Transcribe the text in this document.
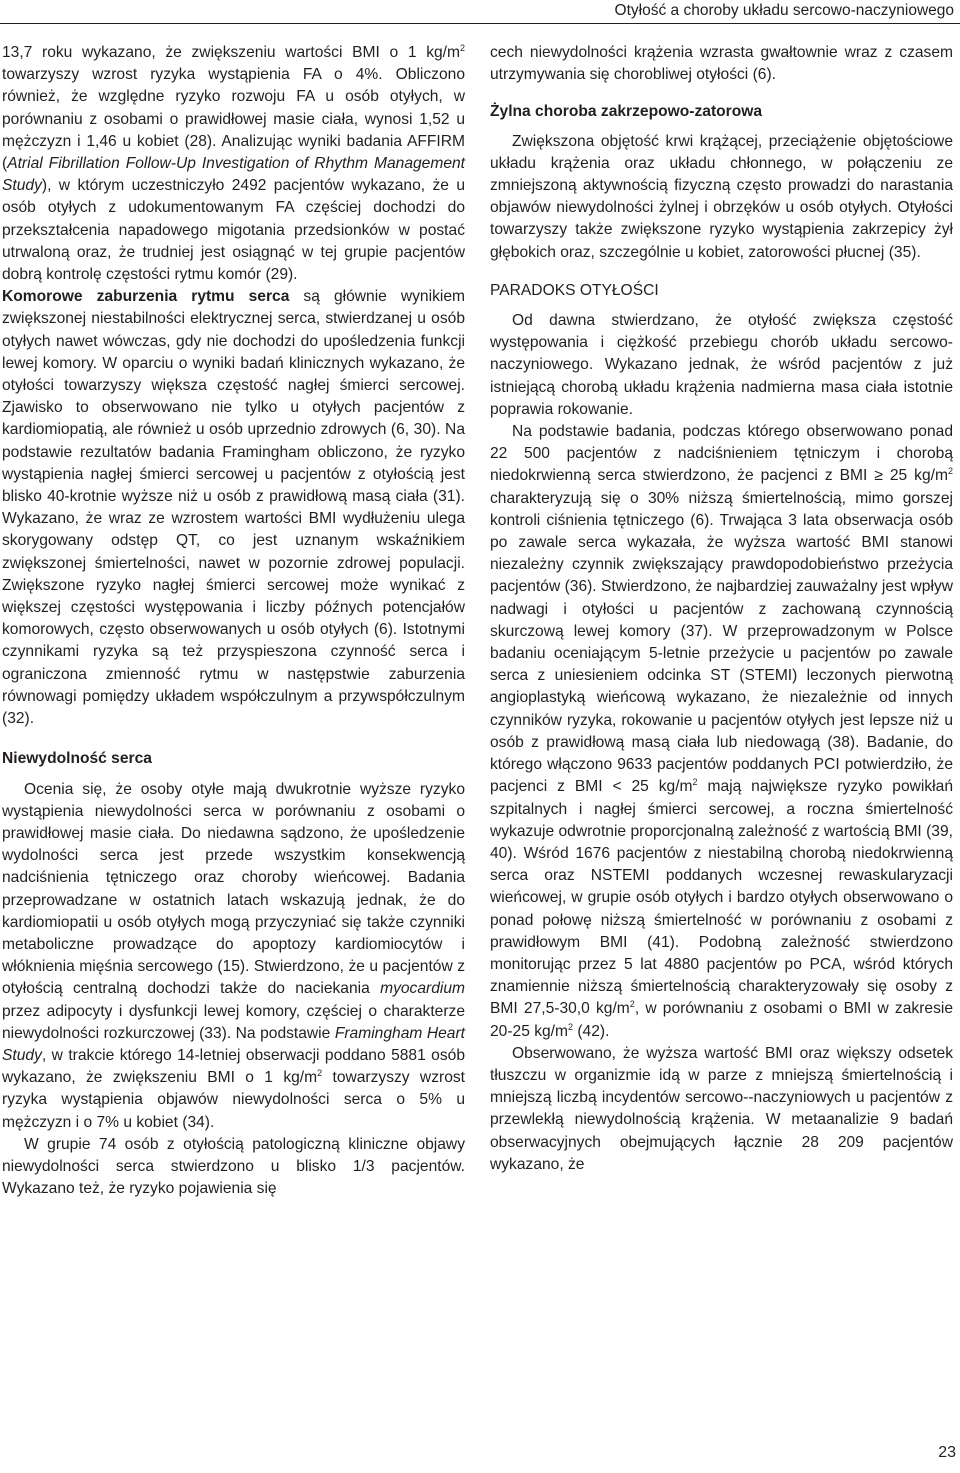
Otyłość a choroby układu sercowo-naczyniowego

13,7 roku wykazano, że zwiększeniu wartości BMI o 1 $kg/m^2$ towarzyszy wzrost ryzyka wystąpienia FA o 4%. Obliczono również, że względne ryzyko rozwoju FA u osób otyłych, w porównaniu z osobami o prawidłowej masie ciała, wynosi 1,52 u mężczyzn i 1,46 u kobiet (28). Analizując wyniki badania AFFIRM (Atrial Fibrillation Follow-Up Investigation of Rhythm Management Study), w którym uczestniczyło 2492 pacjentów wykazano, że u osób otyłych z udokumentowanym FA częściej dochodzi do przekształcenia napadowego migotania przedsionków w postać utrwaloną oraz, że trudniej jest osiągnąć w tej grupie pacjentów dobrą kontrolę częstości rytmu komór (29).

Komorowe zaburzenia rytmu serca są głównie wynikiem zwiększonej niestabilności elektrycznej serca, stwierdzanej u osób otyłych nawet wówczas, gdy nie dochodzi do upośledzenia funkcji lewej komory. W oparciu o wyniki badań klinicznych wykazano, że otyłości towarzyszy większa częstość nagłej śmierci sercowej. Zjawisko to obserwowano nie tylko u otyłych pacjentów z kardiomiopatią, ale również u osób uprzednio zdrowych (6, 30). Na podstawie rezultatów badania Framingham obliczono, że ryzyko wystąpienia nagłej śmierci sercowej u pacjentów z otyłością jest blisko 40-krotnie wyższe niż u osób z prawidłową masą ciała (31). Wykazano, że wraz ze wzrostem wartości BMI wydłużeniu ulega skorygowany odstęp QT, co jest uznanym wskaźnikiem zwiększonej śmiertelności, nawet w pozornie zdrowej populacji. Zwiększone ryzyko nagłej śmierci sercowej może wynikać z większej częstości występowania i liczby późnych potencjałów komorowych, często obserwowanych u osób otyłych (6). Istotnymi czynnikami ryzyka są też przyspieszona czynność serca i ograniczona zmienność rytmu w następstwie zaburzenia równowagi pomiędzy układem współczulnym a przywspółczulnym (32).

Niewydolność serca

Ocenia się, że osoby otyłe mają dwukrotnie wyższe ryzyko wystąpienia niewydolności serca w porównaniu z osobami o prawidłowej masie ciała. Do niedawna sądzono, że upośledzenie wydolności serca jest przede wszystkim konsekwencją nadciśnienia tętniczego oraz choroby wieńcowej. Badania przeprowadzane w ostatnich latach wskazują jednak, że do kardiomiopatii u osób otyłych mogą przyczyniać się także czynniki metaboliczne prowadzące do apoptozy kardiomiocytów i włóknienia mięśnia sercowego (15). Stwierdzono, że u pacjentów z otyłością centralną dochodzi także do naciekania myocardium przez adipocyty i dysfunkcji lewej komory, częściej o charakterze niewydolności rozkurczowej (33). Na podstawie Framingham Heart Study, w trakcie którego 14-letniej obserwacji poddano 5881 osób wykazano, że zwiększeniu BMI o 1 $kg/m^2$ towarzyszy wzrost ryzyka wystąpienia objawów niewydolności serca o 5% u mężczyzn i o 7% u kobiet (34).

W grupie 74 osób z otyłością patologiczną kliniczne objawy niewydolności serca stwierdzono u blisko 1/3 pacjentów. Wykazano też, że ryzyko pojawienia się

cech niewydolności krążenia wzrasta gwałtownie wraz z czasem utrzymywania się chorobliwej otyłości (6).

Żylna choroba zakrzepowo-zatorowa

Zwiększona objętość krwi krążącej, przeciążenie objętościowe układu krążenia oraz układu chłonnego, w połączeniu ze zmniejszoną aktywnością fizyczną często prowadzi do narastania objawów niewydolności żylnej i obrzęków u osób otyłych. Otyłości towarzyszy także zwiększone ryzyko wystąpienia zakrzepicy żył głębokich oraz, szczególnie u kobiet, zatorowości płucnej (35).

PARADOKS OTYŁOŚCI

Od dawna stwierdzano, że otyłość zwiększa częstość występowania i ciężkość przebiegu chorób układu sercowo-naczyniowego. Wykazano jednak, że wśród pacjentów z już istniejącą chorobą układu krążenia nadmierna masa ciała istotnie poprawia rokowanie.

Na podstawie badania, podczas którego obserwowano ponad 22 500 pacjentów z nadciśnieniem tętniczym i chorobą niedokrwienną serca stwierdzono, że pacjenci z BMI ≥ 25 $kg/m^2$ charakteryzują się o 30% niższą śmiertelnością, mimo gorszej kontroli ciśnienia tętniczego (6). Trwająca 3 lata obserwacja osób po zawale serca wykazała, że wyższa wartość BMI stanowi niezależny czynnik zwiększający prawdopodobieństwo przeżycia pacjentów (36). Stwierdzono, że najbardziej zauważalny jest wpływ nadwagi i otyłości u pacjentów z zachowaną czynnością skurczową lewej komory (37). W przeprowadzonym w Polsce badaniu oceniającym 5-letnie przeżycie u pacjentów po zawale serca z uniesieniem odcinka ST (STEMI) leczonych pierwotną angioplastyką wieńcową wykazano, że niezależnie od innych czynników ryzyka, rokowanie u pacjentów otyłych jest lepsze niż u osób z prawidłową masą ciała lub niedowagą (38). Badanie, do którego włączono 9633 pacjentów poddanych PCI potwierdziło, że pacjenci z BMI < 25 $kg/m^2$ mają największe ryzyko powikłań szpitalnych i nagłej śmierci sercowej, a roczna śmiertelność wykazuje odwrotnie proporcjonalną zależność z wartością BMI (39, 40). Wśród 1676 pacjentów z niestabilną chorobą niedokrwienną serca oraz NSTEMI poddanych wczesnej rewaskularyzacji wieńcowej, w grupie osób otyłych i bardzo otyłych obserwowano o ponad połowę niższą śmiertelność w porównaniu z osobami z prawidłowym BMI (41). Podobną zależność stwierdzono monitorując przez 5 lat 4880 pacjentów po PCA, wśród których znamiennie niższą śmiertelnością charakteryzowały się osoby z BMI 27,5-30,0 $kg/m^2$, w porównaniu z osobami o BMI w zakresie 20-25 $kg/m^2$ (42).

Obserwowano, że wyższa wartość BMI oraz większy odsetek tłuszczu w organizmie idą w parze z mniejszą śmiertelnością i mniejszą liczbą incydentów sercowo--naczyniowych u pacjentów z przewlekłą niewydolnością krążenia. W metaanalizie 9 badań obserwacyjnych obejmujących łącznie 28 209 pacjentów wykazano, że

23
